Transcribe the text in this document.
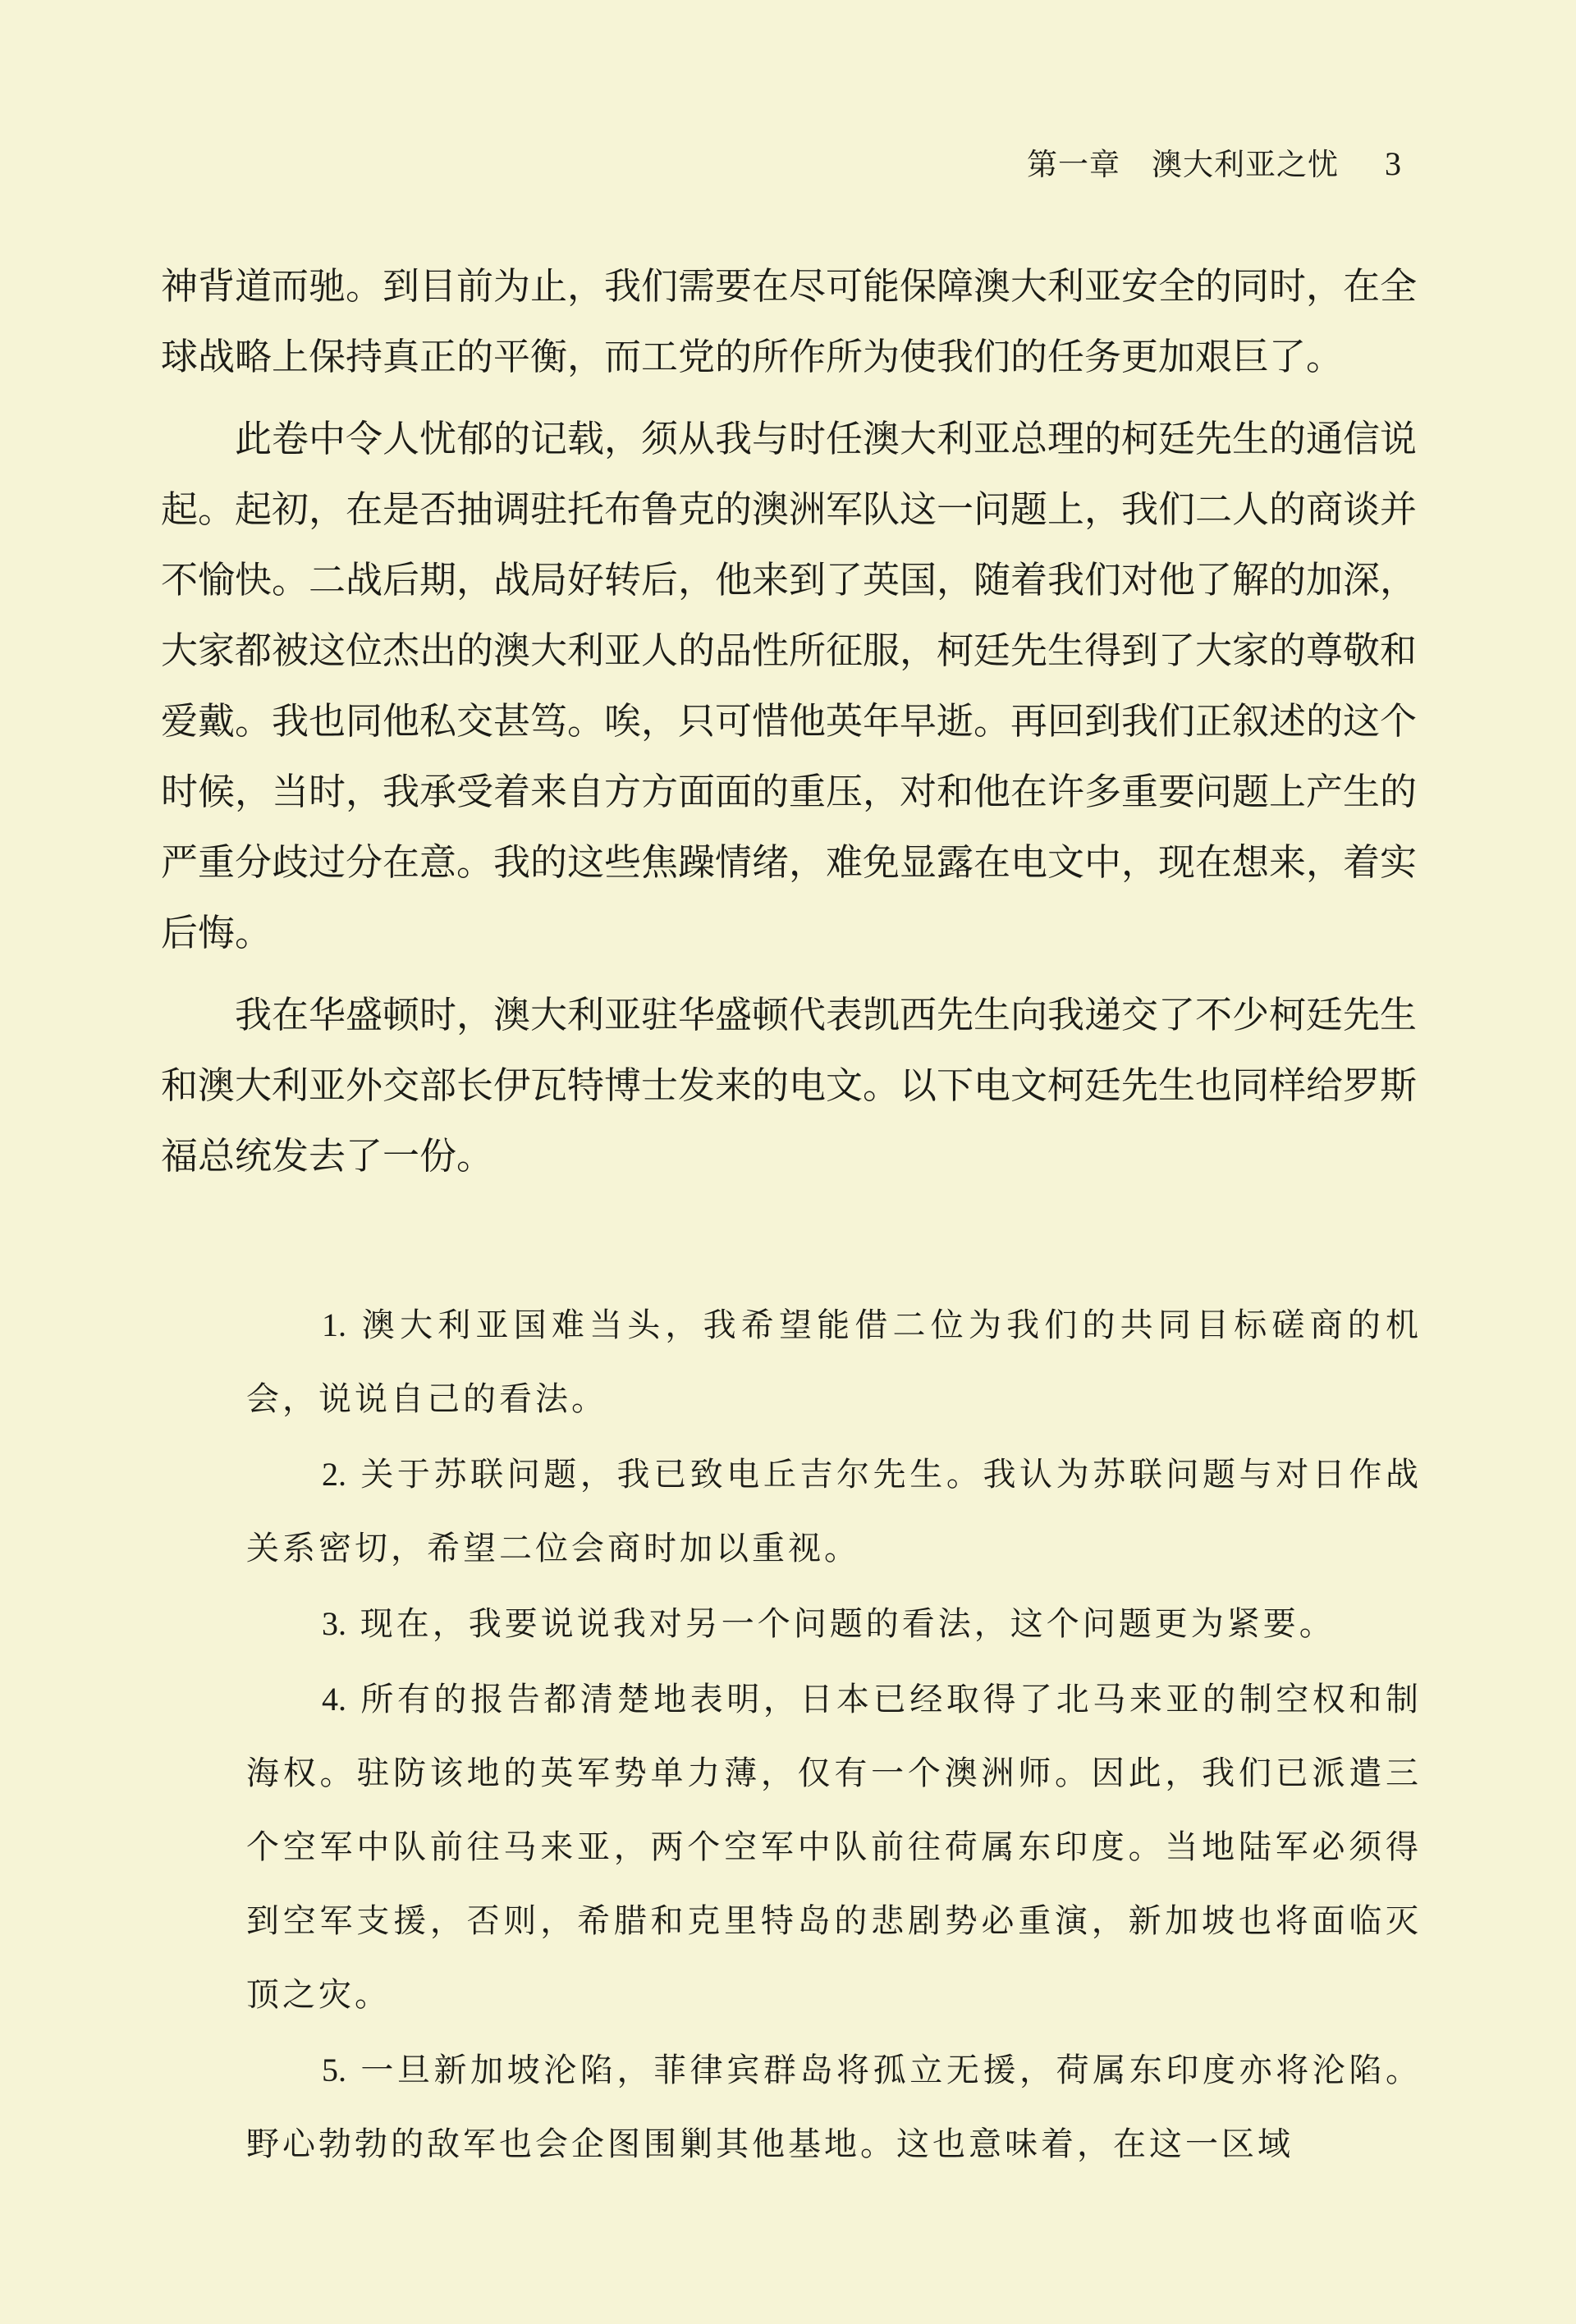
第一章　澳大利亚之忧 3

神背道而驰。到目前为止，我们需要在尽可能保障澳大利亚安全的同时，在全球战略上保持真正的平衡，而工党的所作所为使我们的任务更加艰巨了。

此卷中令人忧郁的记载，须从我与时任澳大利亚总理的柯廷先生的通信说起。起初，在是否抽调驻托布鲁克的澳洲军队这一问题上，我们二人的商谈并不愉快。二战后期，战局好转后，他来到了英国，随着我们对他了解的加深，大家都被这位杰出的澳大利亚人的品性所征服，柯廷先生得到了大家的尊敬和爱戴。我也同他私交甚笃。唉，只可惜他英年早逝。再回到我们正叙述的这个时候，当时，我承受着来自方方面面的重压，对和他在许多重要问题上产生的严重分歧过分在意。我的这些焦躁情绪，难免显露在电文中，现在想来，着实后悔。

我在华盛顿时，澳大利亚驻华盛顿代表凯西先生向我递交了不少柯廷先生和澳大利亚外交部长伊瓦特博士发来的电文。以下电文柯廷先生也同样给罗斯福总统发去了一份。

1. 澳大利亚国难当头，我希望能借二位为我们的共同目标磋商的机会，说说自己的看法。

2. 关于苏联问题，我已致电丘吉尔先生。我认为苏联问题与对日作战关系密切，希望二位会商时加以重视。

3. 现在，我要说说我对另一个问题的看法，这个问题更为紧要。

4. 所有的报告都清楚地表明，日本已经取得了北马来亚的制空权和制海权。驻防该地的英军势单力薄，仅有一个澳洲师。因此，我们已派遣三个空军中队前往马来亚，两个空军中队前往荷属东印度。当地陆军必须得到空军支援，否则，希腊和克里特岛的悲剧势必重演，新加坡也将面临灭顶之灾。

5. 一旦新加坡沦陷，菲律宾群岛将孤立无援，荷属东印度亦将沦陷。野心勃勃的敌军也会企图围剿其他基地。这也意味着，在这一区域
